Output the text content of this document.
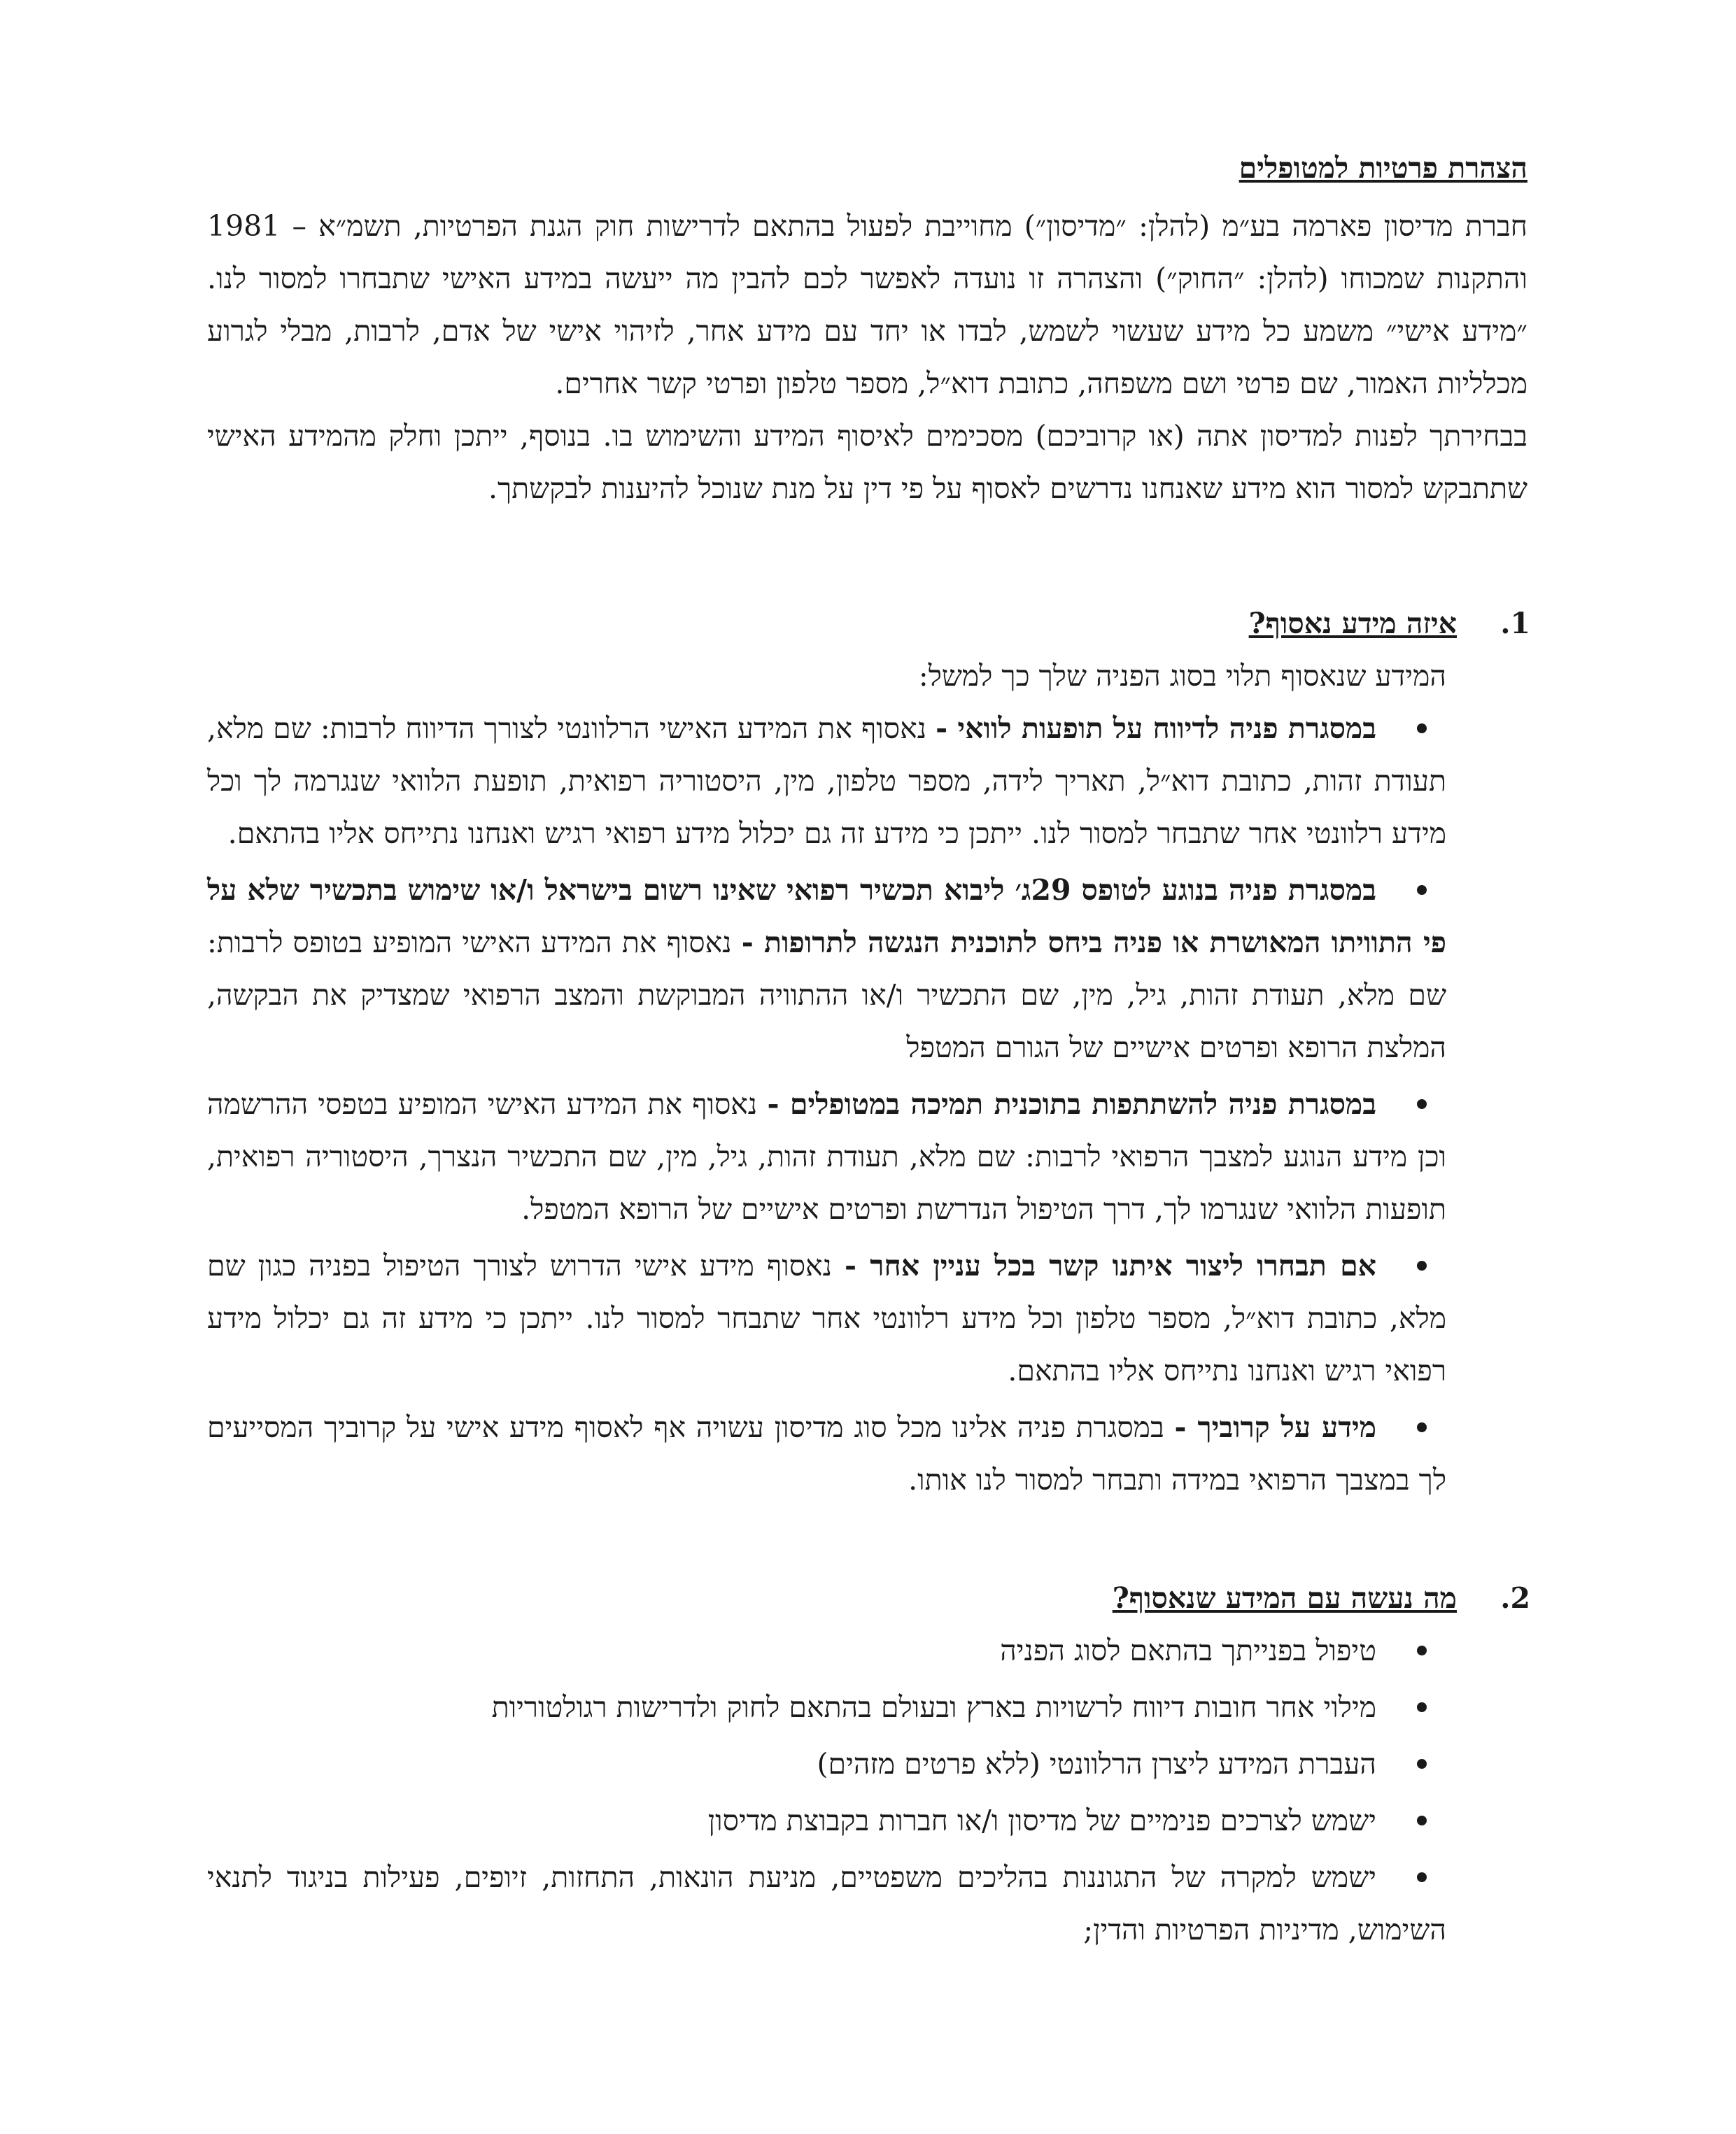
הצהרת פרטיות למטופלים

חברת מדיסון פארמה בע״מ (להלן: ״מדיסון״) מחוייבת לפעול בהתאם לדרישות חוק הגנת הפרטיות, תשמ״א – 1981 והתקנות שמכוחו (להלן: ״החוק״) והצהרה זו נועדה לאפשר לכם להבין מה ייעשה במידע האישי שתבחרו למסור לנו. ״מידע אישי״ משמע כל מידע שעשוי לשמש, לבדו או יחד עם מידע אחר, לזיהוי אישי של אדם, לרבות, מבלי לגרוע מכלליות האמור, שם פרטי ושם משפחה, כתובת דוא״ל, מספר טלפון ופרטי קשר אחרים.

בבחירתך לפנות למדיסון אתה (או קרוביכם) מסכימים לאיסוף המידע והשימוש בו. בנוסף, ייתכן וחלק מהמידע האישי שתתבקש למסור הוא מידע שאנחנו נדרשים לאסוף על פי דין על מנת שנוכל להיענות לבקשתך.

1.
איזה מידע נאסוף?

המידע שנאסוף תלוי בסוג הפניה שלך כך למשל:

במסגרת פניה לדיווח על תופעות לוואי - נאסוף את המידע האישי הרלוונטי לצורך הדיווח לרבות: שם מלא, תעודת זהות, כתובת דוא״ל, תאריך לידה, מספר טלפון, מין, היסטוריה רפואית, תופעת הלוואי שנגרמה לך וכל מידע רלוונטי אחר שתבחר למסור לנו. ייתכן כי מידע זה גם יכלול מידע רפואי רגיש ואנחנו נתייחס אליו בהתאם.
במסגרת פניה בנוגע לטופס 29ג׳ ליבוא תכשיר רפואי שאינו רשום בישראל ו/או שימוש בתכשיר שלא על פי התוויתו המאושרת או פניה ביחס לתוכנית הנגשה לתרופות - נאסוף את המידע האישי המופיע בטופס לרבות: שם מלא, תעודת זהות, גיל, מין, שם התכשיר ו/או ההתוויה המבוקשת והמצב הרפואי שמצדיק את הבקשה, המלצת הרופא ופרטים אישיים של הגורם המטפל
במסגרת פניה להשתתפות בתוכנית תמיכה במטופלים - נאסוף את המידע האישי המופיע בטפסי ההרשמה וכן מידע הנוגע למצבך הרפואי לרבות: שם מלא, תעודת זהות, גיל, מין, שם התכשיר הנצרך, היסטוריה רפואית, תופעות הלוואי שנגרמו לך, דרך הטיפול הנדרשת ופרטים אישיים של הרופא המטפל.
אם תבחרו ליצור איתנו קשר בכל עניין אחר - נאסוף מידע אישי הדרוש לצורך הטיפול בפניה כגון שם מלא, כתובת דוא״ל, מספר טלפון וכל מידע רלוונטי אחר שתבחר למסור לנו. ייתכן כי מידע זה גם יכלול מידע רפואי רגיש ואנחנו נתייחס אליו בהתאם.
מידע על קרוביך - במסגרת פניה אלינו מכל סוג מדיסון עשויה אף לאסוף מידע אישי על קרוביך המסייעים לך במצבך הרפואי במידה ותבחר למסור לנו אותו.
2.
מה נעשה עם המידע שנאסוף?
טיפול בפנייתך בהתאם לסוג הפניה
מילוי אחר חובות דיווח לרשויות בארץ ובעולם בהתאם לחוק ולדרישות רגולטוריות
העברת המידע ליצרן הרלוונטי (ללא פרטים מזהים)
ישמש לצרכים פנימיים של מדיסון ו/או חברות בקבוצת מדיסון
ישמש למקרה של התגוננות בהליכים משפטיים, מניעת הונאות, התחזות, זיופים, פעילות בניגוד לתנאי השימוש, מדיניות הפרטיות והדין;
